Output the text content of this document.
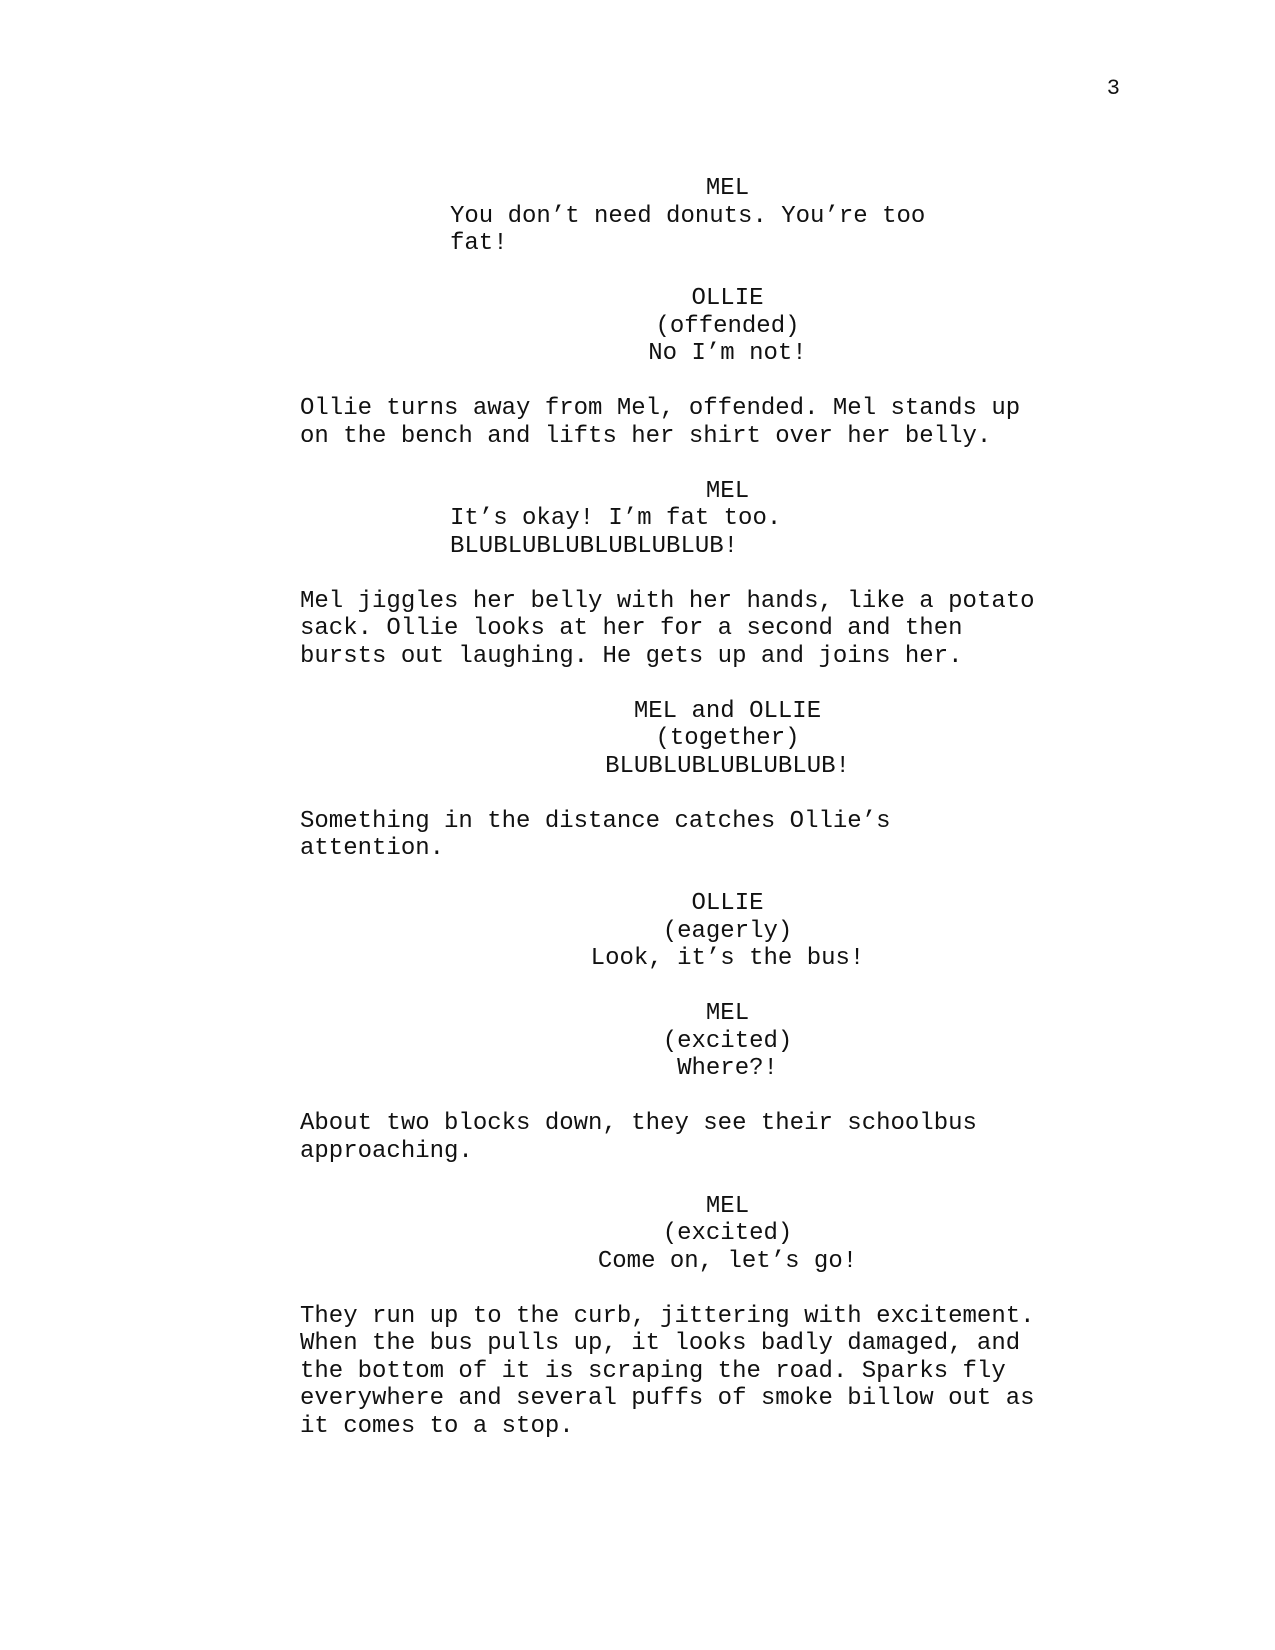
3
MEL
You don’t need donuts. You’re too
fat!
OLLIE
(offended)
No I’m not!
Ollie turns away from Mel, offended. Mel stands up
on the bench and lifts her shirt over her belly.
MEL
It’s okay! I’m fat too.
BLUBLUBLUBLUBLUBLUB!
Mel jiggles her belly with her hands, like a potato
sack. Ollie looks at her for a second and then
bursts out laughing. He gets up and joins her.
MEL and OLLIE
(together)
BLUBLUBLUBLUBLUB!
Something in the distance catches Ollie’s
attention.
OLLIE
(eagerly)
Look, it’s the bus!
MEL
(excited)
Where?!
About two blocks down, they see their schoolbus
approaching.
MEL
(excited)
Come on, let’s go!
They run up to the curb, jittering with excitement.
When the bus pulls up, it looks badly damaged, and
the bottom of it is scraping the road. Sparks fly
everywhere and several puffs of smoke billow out as
it comes to a stop.
